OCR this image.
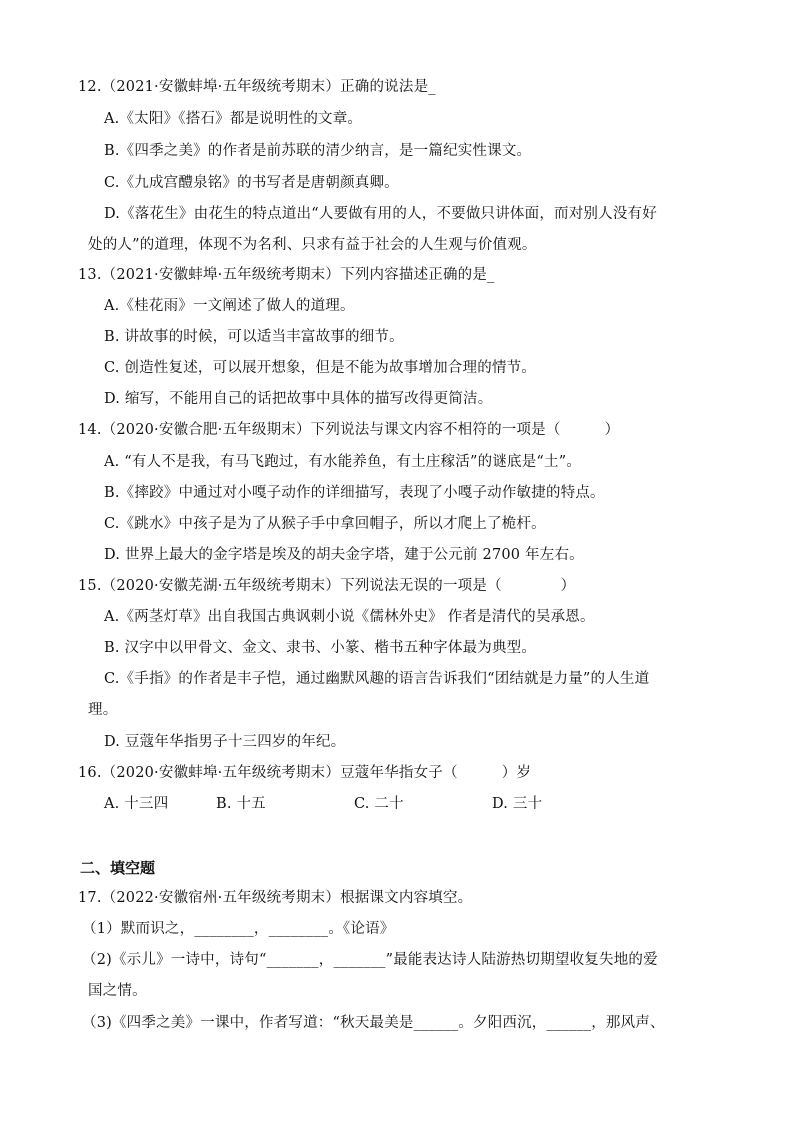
12.（2021·安徽蚌埠·五年级统考期末）正确的说法是_
A.《太阳》《搭石》都是说明性的文章。
B.《四季之美》的作者是前苏联的清少纳言，是一篇纪实性课文。
C.《九成宫醴泉铭》的书写者是唐朝颜真卿。
D.《落花生》由花生的特点道出“人要做有用的人，不要做只讲体面，而对别人没有好
处的人”的道理，体现不为名利、只求有益于社会的人生观与价值观。
13.（2021·安徽蚌埠·五年级统考期末）下列内容描述正确的是_
A.《桂花雨》一文阐述了做人的道理。
B. 讲故事的时候，可以适当丰富故事的细节。
C. 创造性复述，可以展开想象，但是不能为故事增加合理的情节。
D. 缩写，不能用自己的话把故事中具体的描写改得更简洁。
14.（2020·安徽合肥·五年级期末）下列说法与课文内容不相符的一项是（　　　）
A. “有人不是我，有马飞跑过，有水能养鱼，有土庄稼活”的谜底是“土”。
B.《摔跤》中通过对小嘎子动作的详细描写，表现了小嘎子动作敏捷的特点。
C.《跳水》中孩子是为了从猴子手中拿回帽子，所以才爬上了桅杆。
D. 世界上最大的金字塔是埃及的胡夫金字塔，建于公元前 2700 年左右。
15.（2020·安徽芜湖·五年级统考期末）下列说法无误的一项是（　　　　）
A.《两茎灯草》出自我国古典讽刺小说《儒林外史》 作者是清代的吴承恩。
B. 汉字中以甲骨文、金文、隶书、小篆、楷书五种字体最为典型。
C.《手指》的作者是丰子恺，通过幽默风趣的语言告诉我们“团结就是力量”的人生道
理。
D. 豆蔻年华指男子十三四岁的年纪。
16.（2020·安徽蚌埠·五年级统考期末）豆蔻年华指女子（　　　）岁
A. 十三四	B. 十五	C. 二十	D. 三十
二、填空题
17.（2022·安徽宿州·五年级统考期末）根据课文内容填空。
（1）默而识之，________，________。《论语》
（2)《示儿》一诗中，诗句“_______，_______”最能表达诗人陆游热切期望收复失地的爱
国之情。
（3)《四季之美》一课中，作者写道：“秋天最美是______。夕阳西沉，______，那风声、
